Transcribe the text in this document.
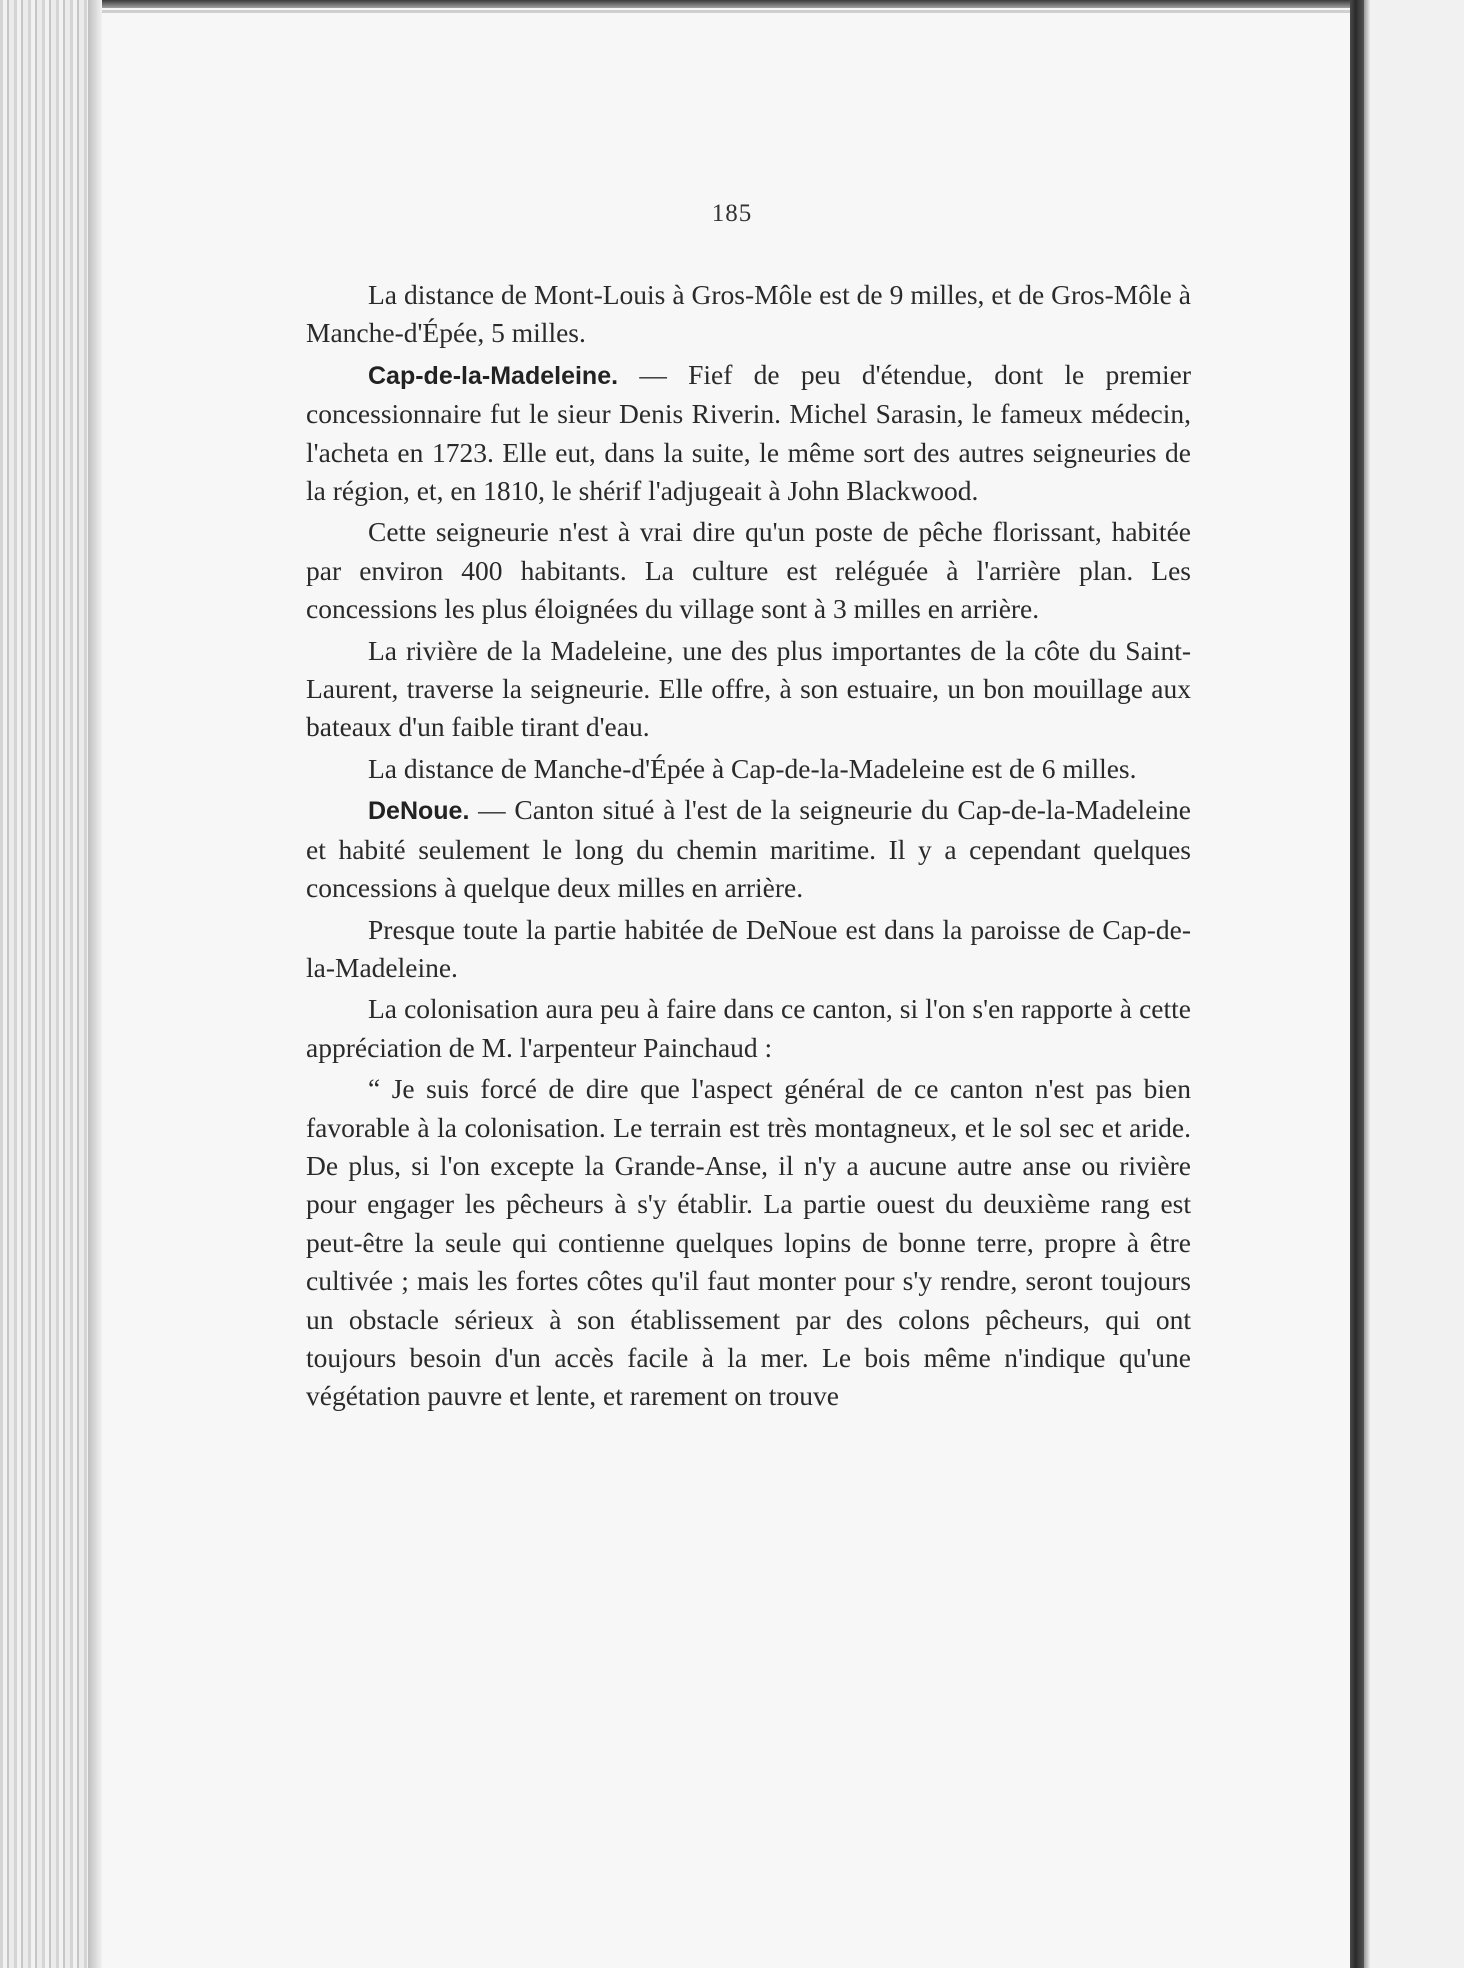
185

La distance de Mont-Louis à Gros-Môle est de 9 milles, et de Gros-Môle à Manche-d'Épée, 5 milles.

Cap-de-la-Madeleine. — Fief de peu d'étendue, dont le premier concessionnaire fut le sieur Denis Riverin. Michel Sarasin, le fameux médecin, l'acheta en 1723. Elle eut, dans la suite, le même sort des autres seigneuries de la région, et, en 1810, le shérif l'adjugeait à John Blackwood.

Cette seigneurie n'est à vrai dire qu'un poste de pêche florissant, habitée par environ 400 habitants. La culture est reléguée à l'arrière plan. Les concessions les plus éloignées du village sont à 3 milles en arrière.

La rivière de la Madeleine, une des plus importantes de la côte du Saint-Laurent, traverse la seigneurie. Elle offre, à son estuaire, un bon mouillage aux bateaux d'un faible tirant d'eau.

La distance de Manche-d'Épée à Cap-de-la-Madeleine est de 6 milles.

DeNoue. — Canton situé à l'est de la seigneurie du Cap-de-la-Madeleine et habité seulement le long du chemin maritime. Il y a cependant quelques concessions à quelque deux milles en arrière.

Presque toute la partie habitée de DeNoue est dans la paroisse de Cap-de-la-Madeleine.

La colonisation aura peu à faire dans ce canton, si l'on s'en rapporte à cette appréciation de M. l'arpenteur Painchaud :

“ Je suis forcé de dire que l'aspect général de ce canton n'est pas bien favorable à la colonisation. Le terrain est très montagneux, et le sol sec et aride. De plus, si l'on excepte la Grande-Anse, il n'y a aucune autre anse ou rivière pour engager les pêcheurs à s'y établir. La partie ouest du deuxième rang est peut-être la seule qui contienne quelques lopins de bonne terre, propre à être cultivée ; mais les fortes côtes qu'il faut monter pour s'y rendre, seront toujours un obstacle sérieux à son établissement par des colons pêcheurs, qui ont toujours besoin d'un accès facile à la mer. Le bois même n'indique qu'une végétation pauvre et lente, et rarement on trouve
